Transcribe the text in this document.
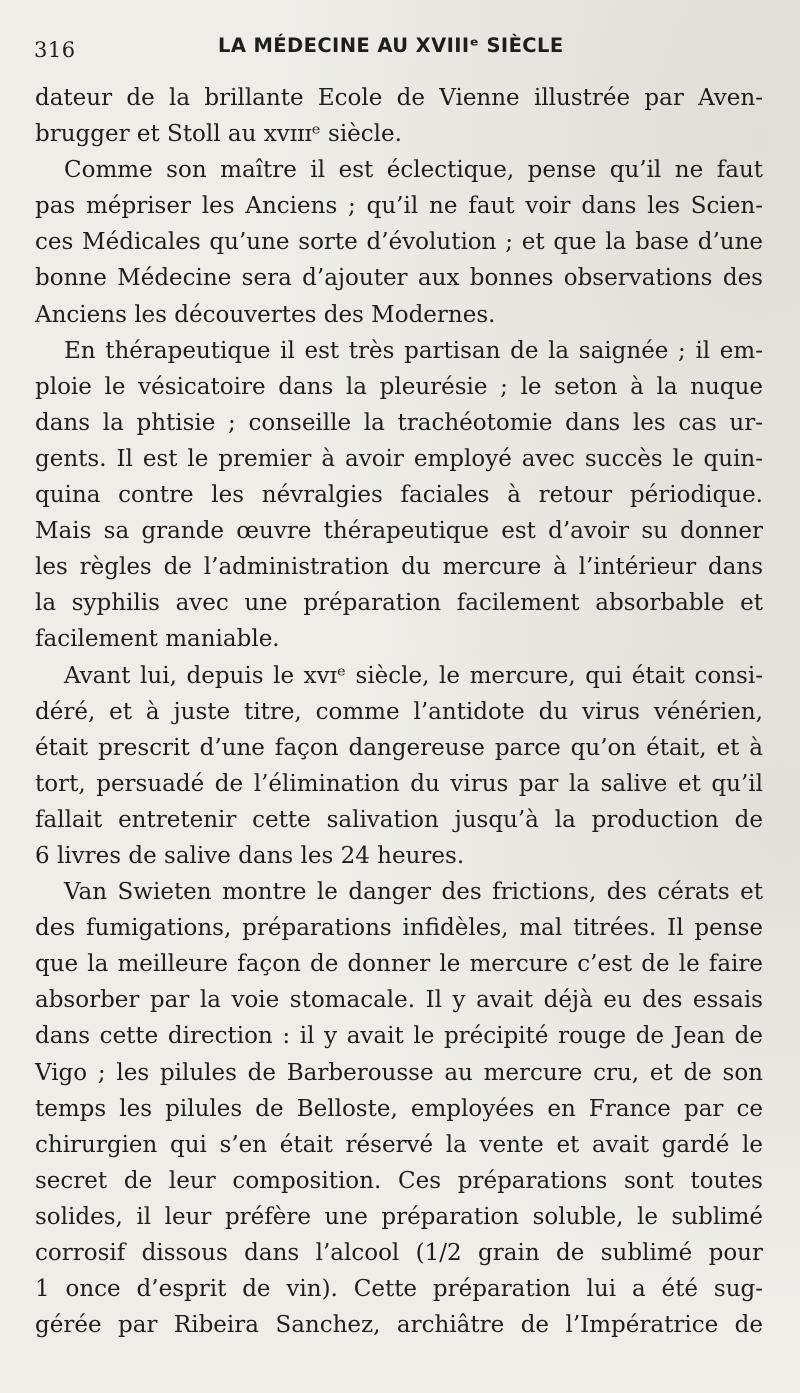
316	LA MÉDECINE AU XVIIIᵉ SIÈCLE
dateur de la brillante Ecole de Vienne illustrée par Aven-
brugger et Stoll au xᴠɪɪɪᵉ siècle.
Comme son maître il est éclectique, pense qu’il ne faut
pas mépriser les Anciens ; qu’il ne faut voir dans les Scien-
ces Médicales qu’une sorte d’évolution ; et que la base d’une
bonne Médecine sera d’ajouter aux bonnes observations des
Anciens les découvertes des Modernes.
En thérapeutique il est très partisan de la saignée ; il em-
ploie le vésicatoire dans la pleurésie ; le seton à la nuque
dans la phtisie ; conseille la trachéotomie dans les cas ur-
gents. Il est le premier à avoir employé avec succès le quin-
quina contre les névralgies faciales à retour périodique.
Mais sa grande œuvre thérapeutique est d’avoir su donner
les règles de l’administration du mercure à l’intérieur dans
la syphilis avec une préparation facilement absorbable et
facilement maniable.
Avant lui, depuis le xᴠɪᵉ siècle, le mercure, qui était consi-
déré, et à juste titre, comme l’antidote du virus vénérien,
était prescrit d’une façon dangereuse parce qu’on était, et à
tort, persuadé de l’élimination du virus par la salive et qu’il
fallait entretenir cette salivation jusqu’à la production de
6 livres de salive dans les 24 heures.
Van Swieten montre le danger des frictions, des cérats et
des fumigations, préparations infidèles, mal titrées. Il pense
que la meilleure façon de donner le mercure c’est de le faire
absorber par la voie stomacale. Il y avait déjà eu des essais
dans cette direction : il y avait le précipité rouge de Jean de
Vigo ; les pilules de Barberousse au mercure cru, et de son
temps les pilules de Belloste, employées en France par ce
chirurgien qui s’en était réservé la vente et avait gardé le
secret de leur composition. Ces préparations sont toutes
solides, il leur préfère une préparation soluble, le sublimé
corrosif dissous dans l’alcool (1/2 grain de sublimé pour
1 once d’esprit de vin). Cette préparation lui a été sug-
gérée par Ribeira Sanchez, archiâtre de l’Impératrice de
